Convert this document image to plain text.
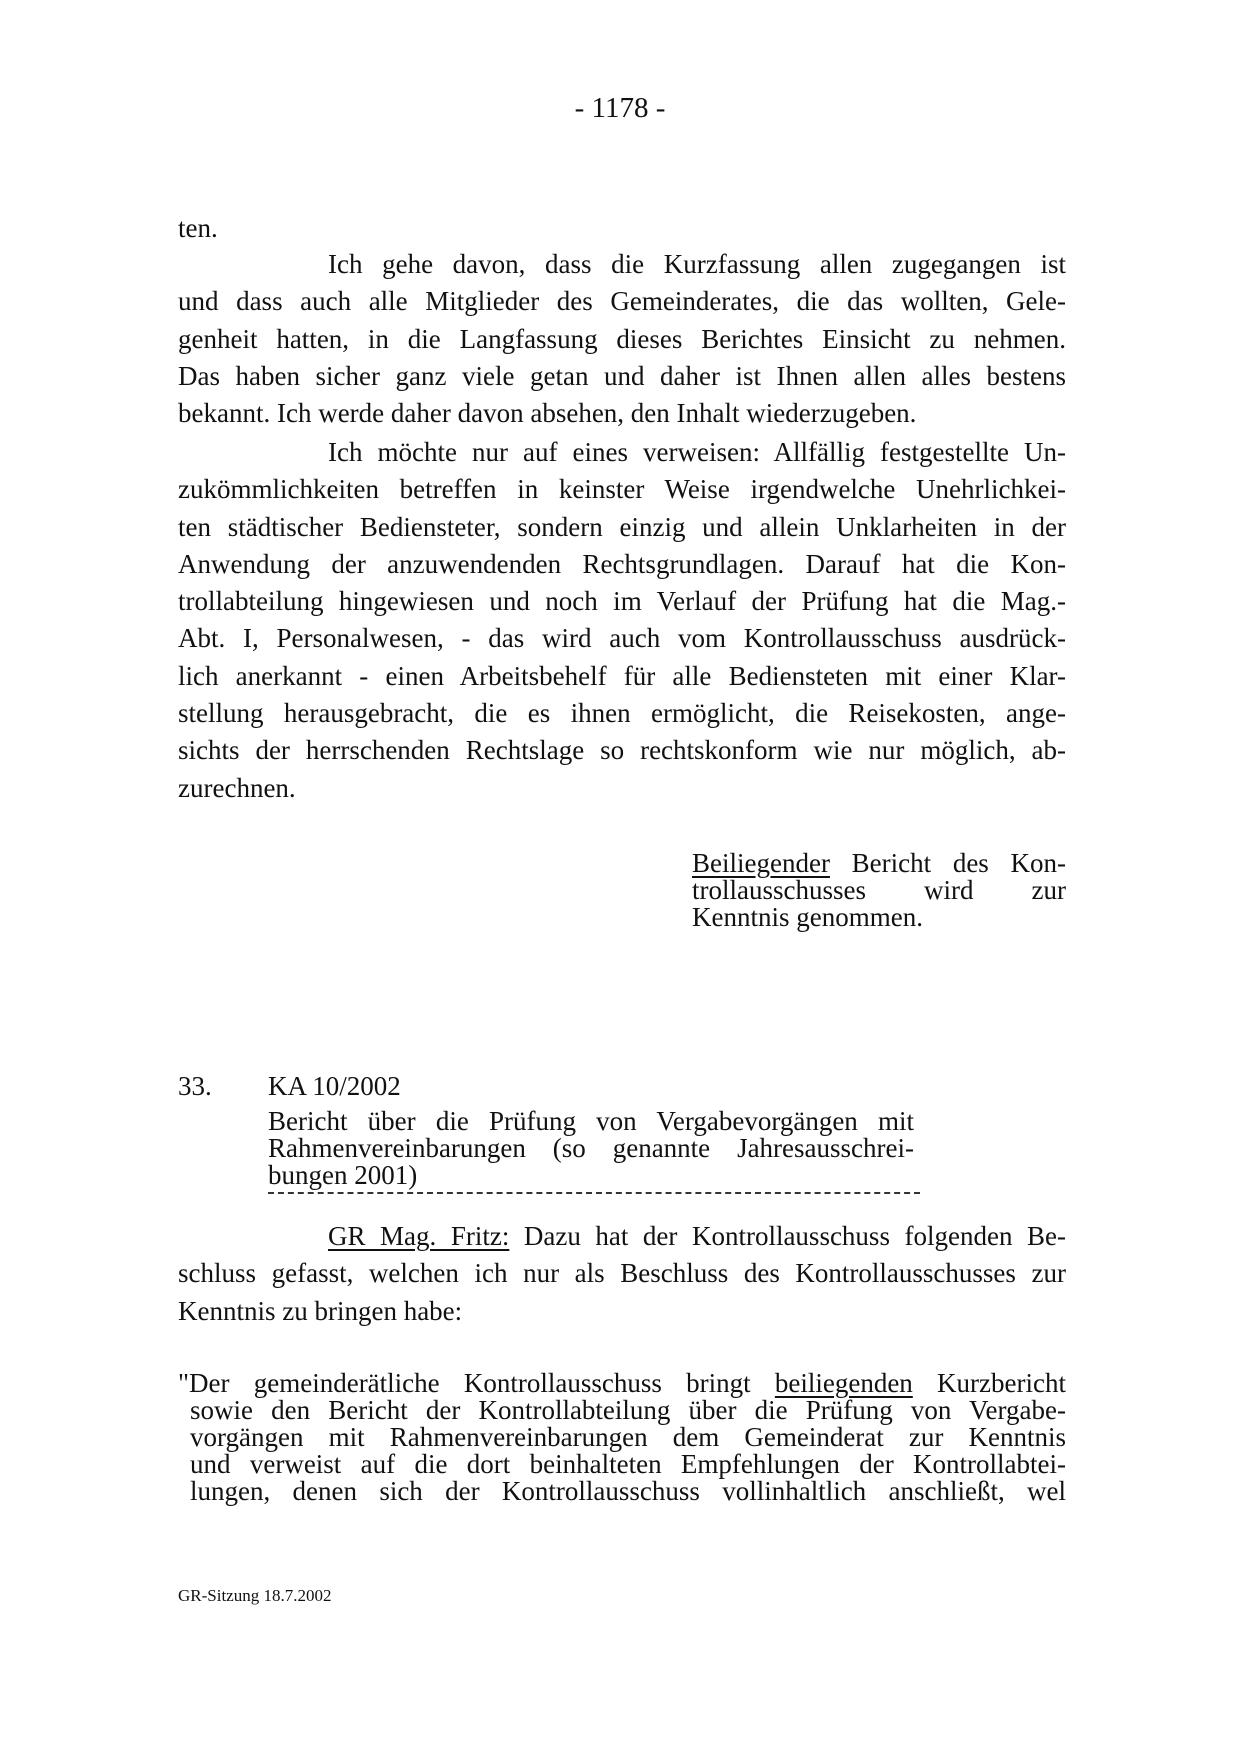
- 1178 -
ten.
Ich gehe davon, dass die Kurzfassung allen zugegangen ist
und dass auch alle Mitglieder des Gemeinderates, die das wollten, Gele-
genheit hatten, in die Langfassung dieses Berichtes Einsicht zu nehmen.
Das haben sicher ganz viele getan und daher ist Ihnen allen alles bestens
bekannt. Ich werde daher davon absehen, den Inhalt wiederzugeben.
Ich möchte nur auf eines verweisen: Allfällig festgestellte Un-
zukömmlichkeiten betreffen in keinster Weise irgendwelche Unehrlichkei-
ten städtischer Bediensteter, sondern einzig und allein Unklarheiten in der
Anwendung der anzuwendenden Rechtsgrundlagen. Darauf hat die Kon-
trollabteilung hingewiesen und noch im Verlauf der Prüfung hat die Mag.-
Abt. I, Personalwesen, - das wird auch vom Kontrollausschuss ausdrück-
lich anerkannt - einen Arbeitsbehelf für alle Bediensteten mit einer Klar-
stellung herausgebracht, die es ihnen ermöglicht, die Reisekosten, ange-
sichts der herrschenden Rechtslage so rechtskonform wie nur möglich, ab-
zurechnen.
Beiliegender Bericht des Kon-
trollausschusses wird zur
Kenntnis genommen.
33. KA 10/2002
Bericht über die Prüfung von Vergabevorgängen mit
Rahmenvereinbarungen (so genannte Jahresausschrei-
bungen 2001)
GR Mag. Fritz: Dazu hat der Kontrollausschuss folgenden Be-
schluss gefasst, welchen ich nur als Beschluss des Kontrollausschusses zur
Kenntnis zu bringen habe:
"Der gemeinderätliche Kontrollausschuss bringt beiliegenden Kurzbericht
sowie den Bericht der Kontrollabteilung über die Prüfung von Vergabe-
vorgängen mit Rahmenvereinbarungen dem Gemeinderat zur Kenntnis
und verweist auf die dort beinhalteten Empfehlungen der Kontrollabtei-
lungen, denen sich der Kontrollausschuss vollinhaltlich anschließt, wel
GR-Sitzung 18.7.2002
